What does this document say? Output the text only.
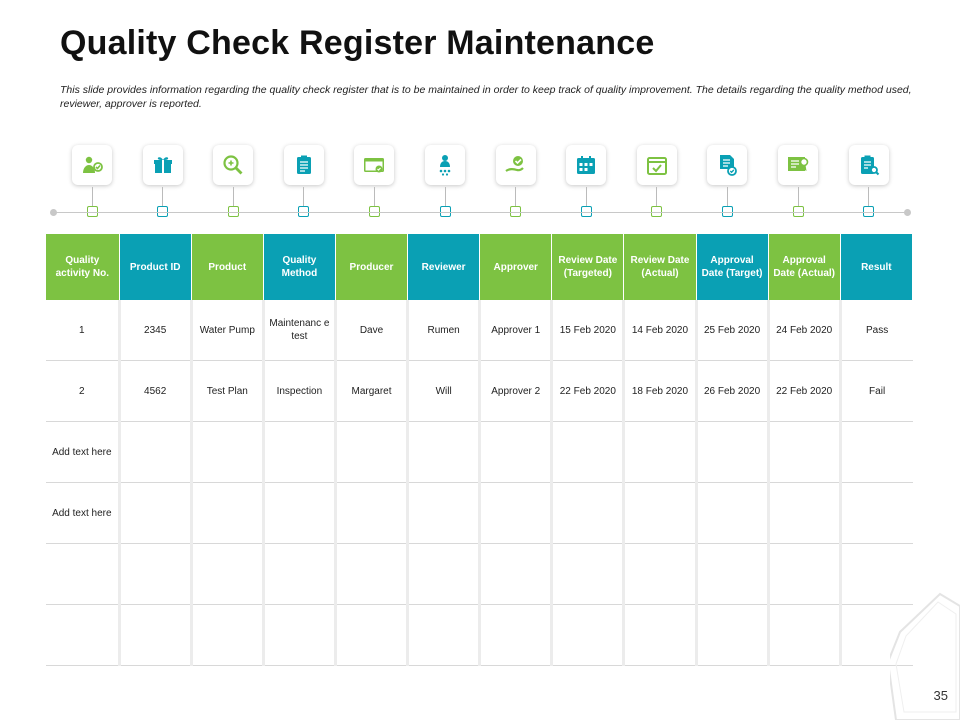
Quality Check Register Maintenance
This slide provides information regarding the quality check register that is to be maintained in order to keep track of quality improvement. The details regarding the quality method used, reviewer, approver is reported.
Quality activity No.	Product ID	Product	Quality Method	Producer	Reviewer	Approver	Review Date (Targeted)	Review Date (Actual)	Approval Date (Target)	Approval Date (Actual)	Result
1	2345	Water Pump	Maintenanc e test	Dave	Rumen	Approver 1	15 Feb 2020	14 Feb 2020	25 Feb 2020	24 Feb 2020	Pass
2	4562	Test Plan	Inspection	Margaret	Will	Approver 2	22 Feb 2020	18 Feb 2020	26 Feb 2020	22 Feb 2020	Fail
Add text here											
Add text here											

35
